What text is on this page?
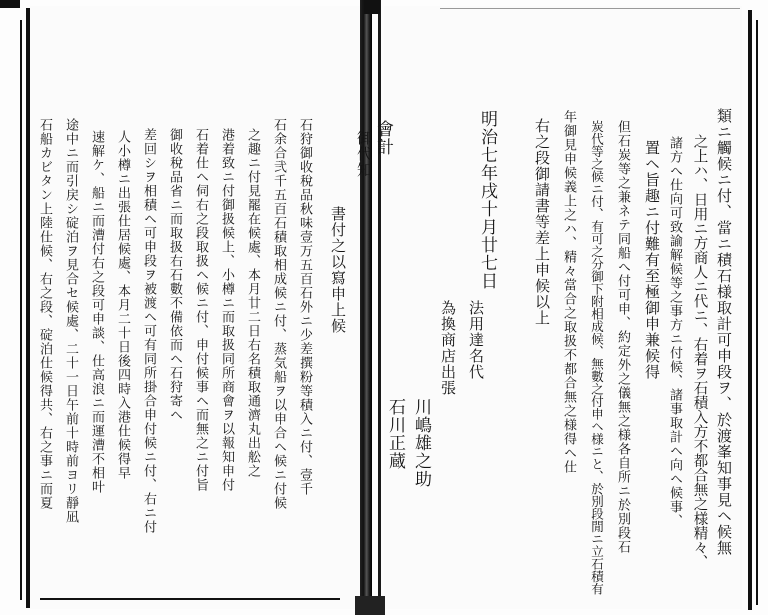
類ニ觸候ニ付、當ニ積石様取計可申段ヲ、於渡峯知事見ヘ候無
之上ハ、日用ニ方商人ニ代ニ、右着ヲ石積入方不都合無之様精々、
諸方へ仕向可致諭解候等之事方ニ付候、諸事取計ヘ向ヘ候事、
置ヘ旨趣ニ付難有至極御申兼候得
但石炭等之兼ネテ同船へ付可申、約定外之儀無之様各自所ニ於別段石
炭代等之候ニ付、有可之分御下附相成候、無數之付申ヘ様ニと、於別段閒ニ立石積有
年御見申候義上之ハ、精々當合之取扱不都合無之様得ヘ仕
右之段御請書等差上申候以上
明治七年戌十月廿七日
法用達名代
為換商店出張
川嶋雄之助
石川正蔵
會計
御代知
書付之以寫申上候
石狩御收稅品秋味壹万五百石外ニ少差撰粉等積入ニ付、壹千
石余合弐千五百石積取相成候ニ付、蒸気船ヲ以申合ヘ候ニ付候
之趣ニ付見罷在候處、本月廿二日右名積取通濟丸出舩之
港着致ニ付御扱候上、小樽ニ而取扱同所商會ヲ以報知申付
石着仕ヘ伺右之段取扱ヘ候ニ付、申付候事ヘ而無之ニ付旨
御收稅品省ニ而取扱右石數不備依而ヘ石狩寄ヘ
差回シヲ相積ヘ可申段ヲ被渡ヘ可有同所掛合申付候ニ付、右ニ付
人小樽ニ出張仕居候處、本月二十日後四時入港仕候得早
速解ケ、船ニ而漕付右之段可申談、仕高浪ニ而運漕不相叶
途中ニ而引戻シ碇泊ヲ見合セ候處、二十一日午前十時前ヨリ靜凪
石船カビタン上陸仕候、右之段、碇泊仕候得共、右之事ニ而夏
